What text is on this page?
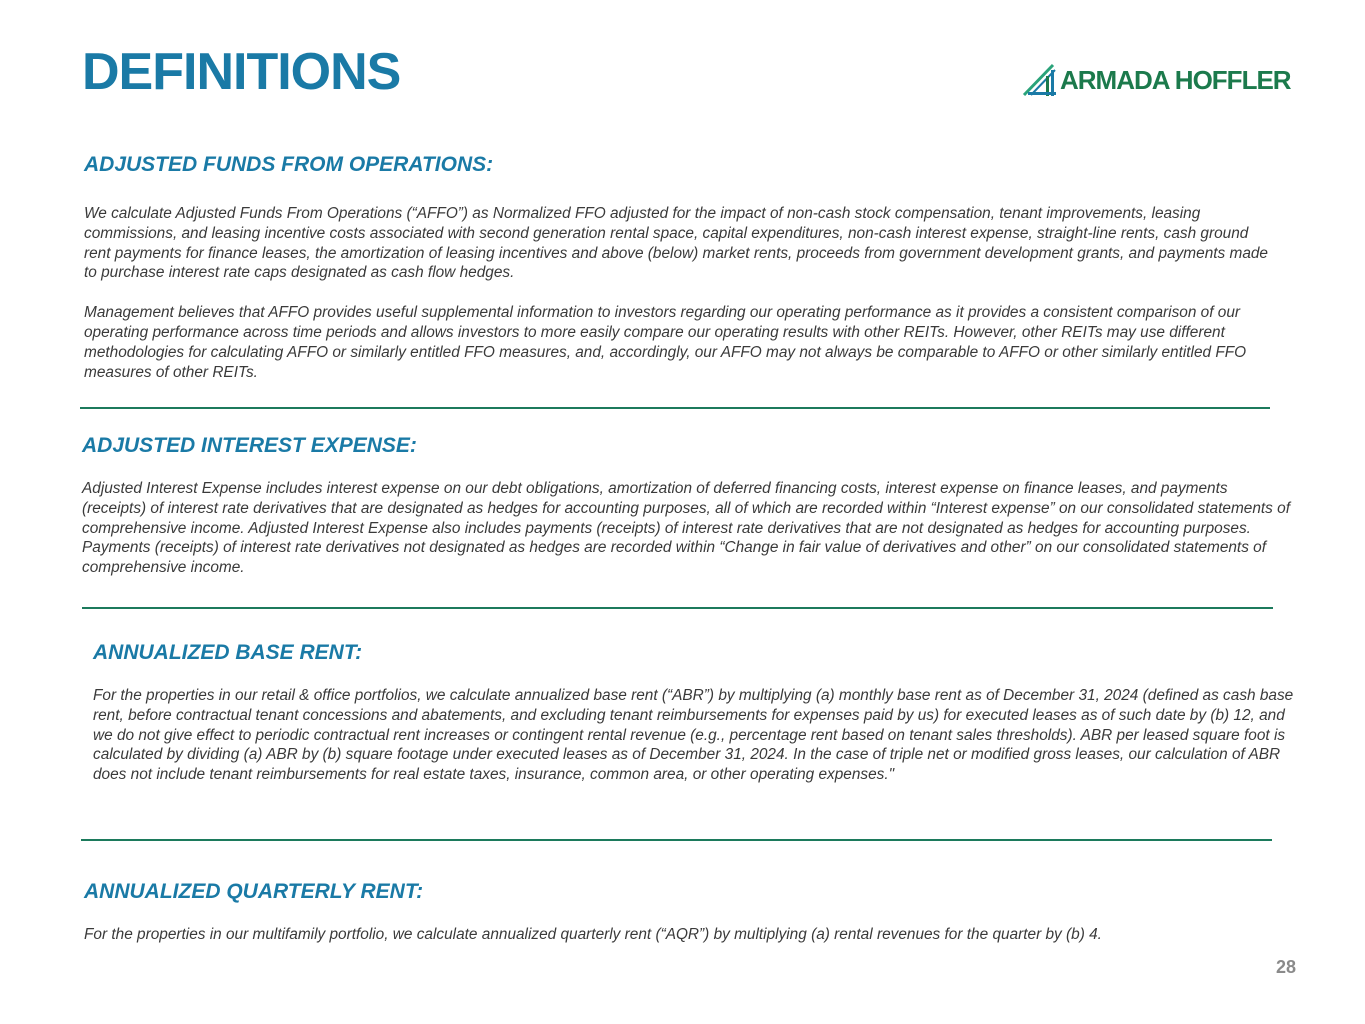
DEFINITIONS	ARMADA HOFFLER
ADJUSTED FUNDS FROM OPERATIONS:

We calculate Adjusted Funds From Operations (“AFFO”) as Normalized FFO adjusted for the impact of non-cash stock compensation, tenant improvements, leasing commissions, and leasing incentive costs associated with second generation rental space, capital expenditures, non-cash interest expense, straight-line rents, cash ground rent payments for finance leases, the amortization of leasing incentives and above (below) market rents, proceeds from government development grants, and payments made to purchase interest rate caps designated as cash flow hedges.

Management believes that AFFO provides useful supplemental information to investors regarding our operating performance as it provides a consistent comparison of our operating performance across time periods and allows investors to more easily compare our operating results with other REITs. However, other REITs may use different methodologies for calculating AFFO or similarly entitled FFO measures, and, accordingly, our AFFO may not always be comparable to AFFO or other similarly entitled FFO measures of other REITs.

ADJUSTED INTEREST EXPENSE:

Adjusted Interest Expense includes interest expense on our debt obligations, amortization of deferred financing costs, interest expense on finance leases, and payments (receipts) of interest rate derivatives that are designated as hedges for accounting purposes, all of which are recorded within “Interest expense” on our consolidated statements of comprehensive income. Adjusted Interest Expense also includes payments (receipts) of interest rate derivatives that are not designated as hedges for accounting purposes. Payments (receipts) of interest rate derivatives not designated as hedges are recorded within “Change in fair value of derivatives and other” on our consolidated statements of comprehensive income.

ANNUALIZED BASE RENT:

For the properties in our retail & office portfolios, we calculate annualized base rent (“ABR”) by multiplying (a) monthly base rent as of December 31, 2024 (defined as cash base rent, before contractual tenant concessions and abatements, and excluding tenant reimbursements for expenses paid by us) for executed leases as of such date by (b) 12, and we do not give effect to periodic contractual rent increases or contingent rental revenue (e.g., percentage rent based on tenant sales thresholds). ABR per leased square foot is calculated by dividing (a) ABR by (b) square footage under executed leases as of December 31, 2024. In the case of triple net or modified gross leases, our calculation of ABR does not include tenant reimbursements for real estate taxes, insurance, common area, or other operating expenses."

ANNUALIZED QUARTERLY RENT:

For the properties in our multifamily portfolio, we calculate annualized quarterly rent (“AQR”) by multiplying (a) rental revenues for the quarter by (b) 4.

28
